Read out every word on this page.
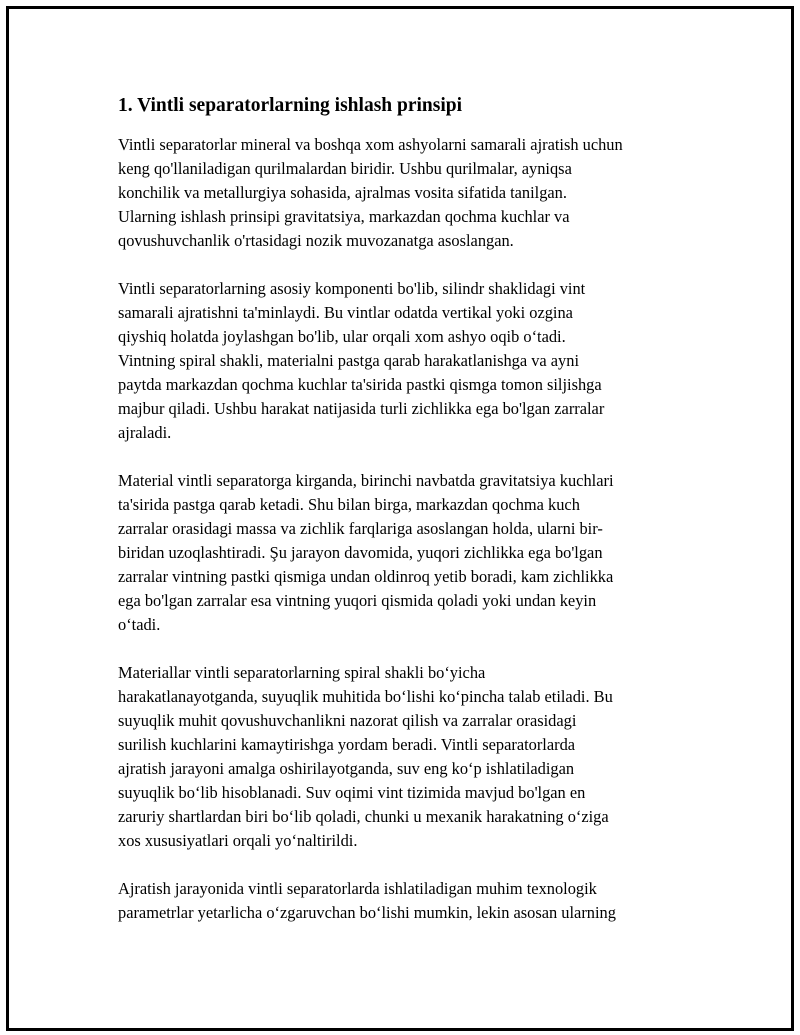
1. Vintli separatorlarning ishlash prinsipi

Vintli separatorlar mineral va boshqa xom ashyolarni samarali ajratish uchun
keng qo'llaniladigan qurilmalardan biridir. Ushbu qurilmalar, ayniqsa
konchilik va metallurgiya sohasida, ajralmas vosita sifatida tanilgan.
Ularning ishlash prinsipi gravitatsiya, markazdan qochma kuchlar va
qovushuvchanlik o'rtasidagi nozik muvozanatga asoslangan.

Vintli separatorlarning asosiy komponenti bo'lib, silindr shaklidagi vint
samarali ajratishni ta'minlaydi. Bu vintlar odatda vertikal yoki ozgina
qiyshiq holatda joylashgan bo'lib, ular orqali xom ashyo oqib o‘tadi.
Vintning spiral shakli, materialni pastga qarab harakatlanishga va ayni
paytda markazdan qochma kuchlar ta'sirida pastki qismga tomon siljishga
majbur qiladi. Ushbu harakat natijasida turli zichlikka ega bo'lgan zarralar
ajraladi.

Material vintli separatorga kirganda, birinchi navbatda gravitatsiya kuchlari
ta'sirida pastga qarab ketadi. Shu bilan birga, markazdan qochma kuch
zarralar orasidagi massa va zichlik farqlariga asoslangan holda, ularni bir-
biridan uzoqlashtiradi. Şu jarayon davomida, yuqori zichlikka ega bo'lgan
zarralar vintning pastki qismiga undan oldinroq yetib boradi, kam zichlikka
ega bo'lgan zarralar esa vintning yuqori qismida qoladi yoki undan keyin
o‘tadi.

Materiallar vintli separatorlarning spiral shakli bo‘yicha
harakatlanayotganda, suyuqlik muhitida bo‘lishi ko‘pincha talab etiladi. Bu
suyuqlik muhit qovushuvchanlikni nazorat qilish va zarralar orasidagi
surilish kuchlarini kamaytirishga yordam beradi. Vintli separatorlarda
ajratish jarayoni amalga oshirilayotganda, suv eng ko‘p ishlatiladigan
suyuqlik bo‘lib hisoblanadi. Suv oqimi vint tizimida mavjud bo'lgan en
zaruriy shartlardan biri bo‘lib qoladi, chunki u mexanik harakatning o‘ziga
xos xususiyatlari orqali yo‘naltirildi.

Ajratish jarayonida vintli separatorlarda ishlatiladigan muhim texnologik
parametrlar yetarlicha o‘zgaruvchan bo‘lishi mumkin, lekin asosan ularning
